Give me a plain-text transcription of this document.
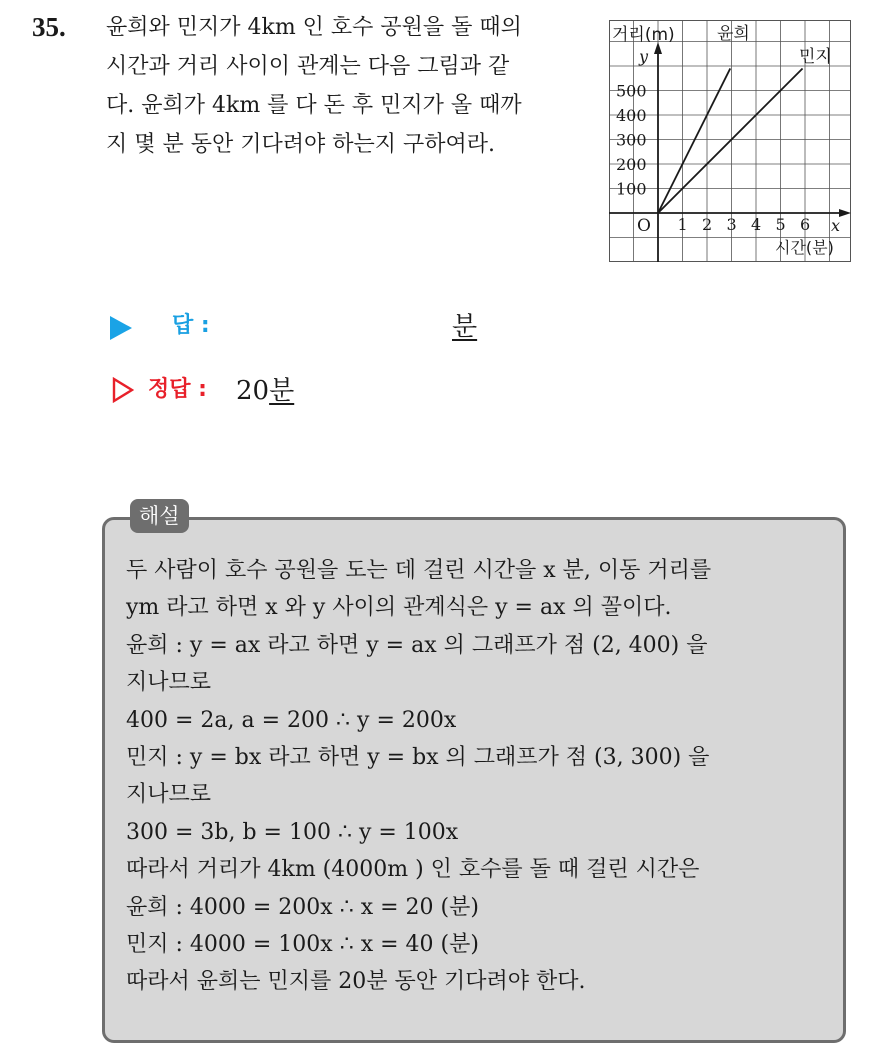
35. 윤희와 민지가 4km 인 호수 공원을 돌 때의
시간과 거리 사이이 관계는 다음 그림과 같
다. 윤희가 4km 를 다 돈 후 민지가 올 때까
지 몇 분 동안 기다려야 하는지 구하여라.
윤희
민지
1 2 3 4 5 6
100
200
300
400
500
거리(m)
y
시간(분)
x
O
답 :	분
정답 : 20분
해설
두 사람이 호수 공원을 도는 데 걸린 시간을 x 분, 이동 거리를
ym 라고 하면 x 와 y 사이의 관계식은 y = ax 의 꼴이다.
윤희 : y = ax 라고 하면 y = ax 의 그래프가 점 (2, 400) 을
지나므로
400 = 2a, a = 200 ∴ y = 200x
민지 : y = bx 라고 하면 y = bx 의 그래프가 점 (3, 300) 을
지나므로
300 = 3b, b = 100 ∴ y = 100x
따라서 거리가 4km (4000m ) 인 호수를 돌 때 걸린 시간은
윤희 : 4000 = 200x ∴ x = 20 (분)
민지 : 4000 = 100x ∴ x = 40 (분)
따라서 윤희는 민지를 20분 동안 기다려야 한다.
